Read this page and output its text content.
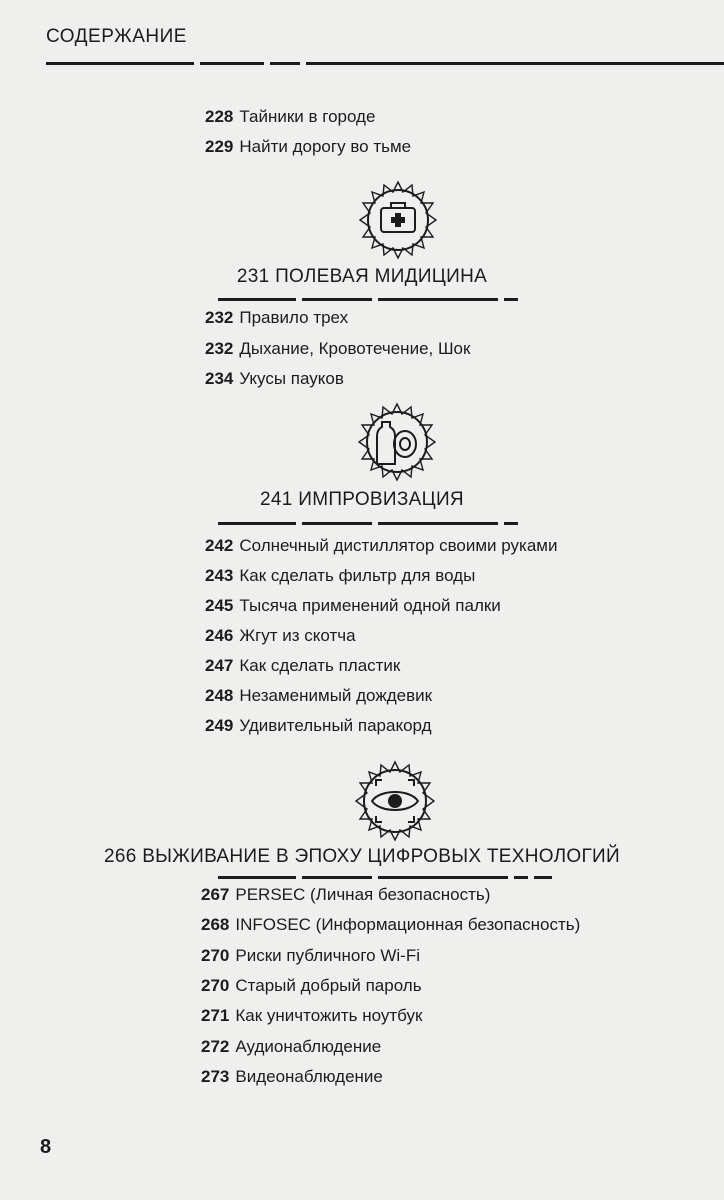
СОДЕРЖАНИЕ
228 Тайники в городе
229 Найти дорогу во тьме
231 ПОЛЕВАЯ МИДИЦИНА
232 Правило трех
232 Дыхание, Кровотечение, Шок
234 Укусы пауков
241 ИМПРОВИЗАЦИЯ
242 Солнечный дистиллятор своими руками
243 Как сделать фильтр для воды
245 Тысяча применений одной палки
246 Жгут из скотча
247 Как сделать пластик
248 Незаменимый дождевик
249 Удивительный паракорд
266 ВЫЖИВАНИЕ В ЭПОХУ ЦИФРОВЫХ ТЕХНОЛОГИЙ
267 PERSEC (Личная безопасность)
268 INFOSEC (Информационная безопасность)
270 Риски публичного Wi-Fi
270 Старый добрый пароль
271 Как уничтожить ноутбук
272 Аудионаблюдение
273 Видеонаблюдение
8
